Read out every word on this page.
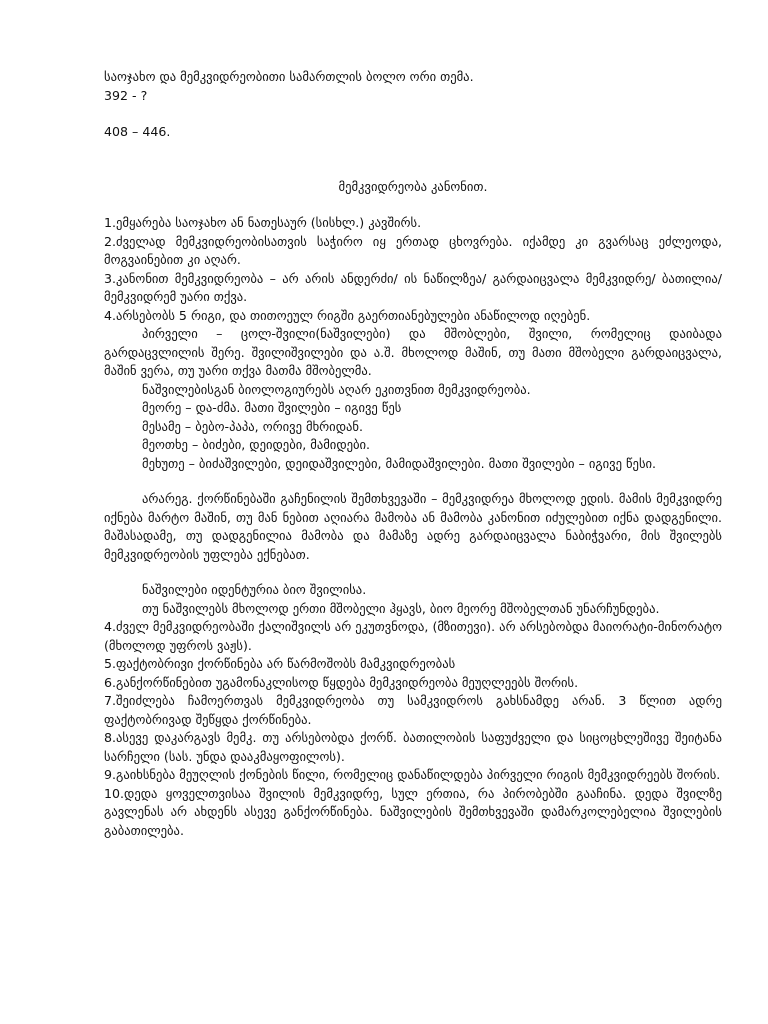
საოჯახო და მემკვიდრეობითი სამართლის ბოლო ორი თემა.

392 - ?

408 – 446.

მემკვიდრეობა კანონით.

1.ემყარება საოჯახო ან ნათესაურ (სისხლ.) კავშირს.

2.ძველად მემკვიდრეობისათვის საჭირო იყ ერთად ცხოვრება. იქამდე კი გვარსაც ეძლეოდა, მოგვაინებით კი აღარ.

3.კანონით მემკვიდრეობა – არ არის ანდერძი/ ის ნაწილზეა/ გარდაიცვალა მემკვიდრე/ ბათილია/ მემკვიდრემ უარი თქვა.

4.არსებობს 5 რიგი, და თითოეულ რიგში გაერთიანებულები ანაწილოდ იღებენ.

პირველი – ცოლ-შვილი(ნაშვილები) და მშობლები, შვილი, რომელიც დაიბადა გარდაცვლილის შერე. შვილიშვილები და ა.შ. მხოლოდ მაშინ, თუ მათი მშობელი გარდაიცვალა, მაშინ ვერა, თუ უარი თქვა მათმა მშობელმა.

ნაშვილებისგან ბიოლოგიურებს აღარ ეკითვნით მემკვიდრეობა.

მეორე – და-ძმა. მათი შვილები – იგივე წეს

მესამე – ბებო-პაპა, ორივე მხრიდან.

მეოთხე – ბიძები, დეიდები, მამიდები.

მეხუთე – ბიძაშვილები, დეიდაშვილები, მამიდაშვილები. მათი შვილები – იგივე წესი.

არარეგ. ქორწინებაში გაჩენილის შემთხვევაში – მემკვიდრეა მხოლოდ ედის. მამის მემკვიდრე იქნება მარტო მაშინ, თუ მან ნებით აღიარა მამობა ან მამობა კანონით იძულებით იქნა დადგენილი. მაშასადამე, თუ დადგენილია მამობა და მამაზე ადრე გარდაიცვალა ნაბიჭვარი, მის შვილებს მემკვიდრეობის უფლება ექნებათ.

ნაშვილები იდენტურია ბიო შვილისა.

თუ ნაშვილებს მხოლოდ ერთი მშობელი ჰყავს, ბიო მეორე მშობელთან უნარჩუნდება.

4.ძველ მემკვიდრეობაში ქალიშვილს არ ეკუთვნოდა, (მზითევი). არ არსებობდა მაიორატი-მინორატო (მხოლოდ უფროს ვაჟს).

5.ფაქტობრივი ქორწინება არ წარმოშობს მამკვიდრეობას

6.განქორწინებით უგამონაკლისოდ წყდება მემკვიდრეობა მეუღლეებს შორის.

7.შეიძლება ჩამოერთვას მემკვიდრეობა თუ სამკვიდროს გახსნამდე არან. 3 წლით ადრე ფაქტობრივად შეწყდა ქორწინება.

8.ასევე დაკარგავს მემკ. თუ არსებობდა ქორწ. ბათილობის საფუძველი და სიცოცხლეშივე შეიტანა სარჩელი (სას. უნდა დააკმაყოფილოს).

9.გაიხსნება მეუღლის ქონების წილი, რომელიც დანაწილდება პირველი რიგის მემკვიდრეებს შორის.

10.დედა ყოველთვისაა შვილის მემკვიდრე, სულ ერთია, რა პირობებში გააჩინა. დედა შვილზე გავლენას არ ახდენს ასევე განქორწინება. ნაშვილების შემთხვევაში დამარკოლებელია შვილების გაბათილება.
